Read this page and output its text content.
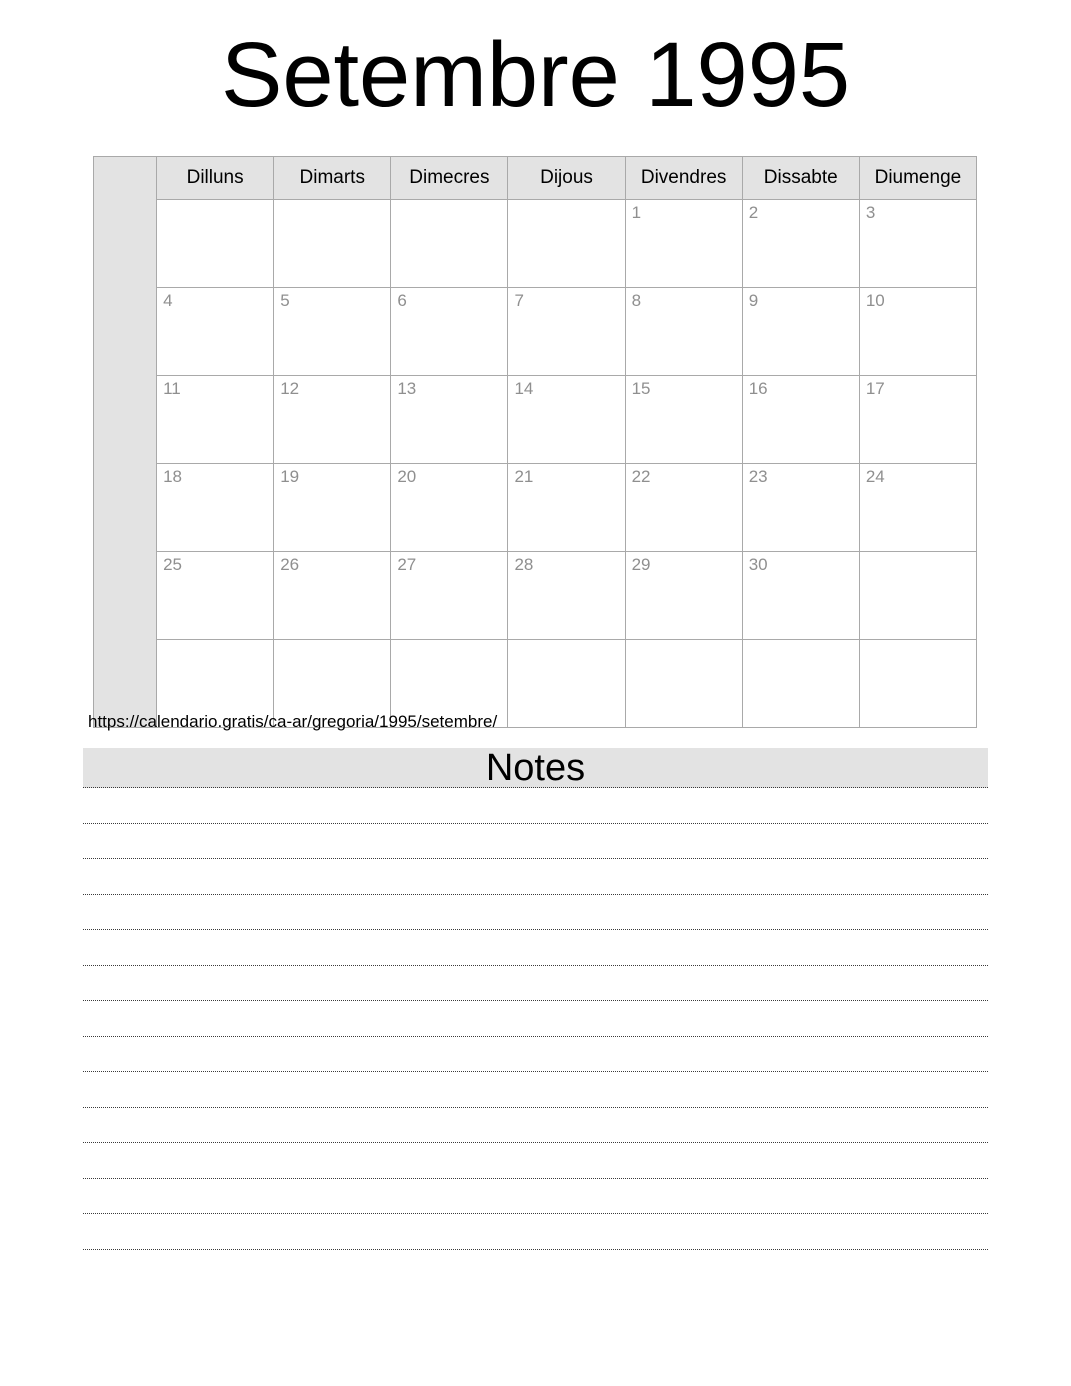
Setembre 1995
	Dilluns	Dimarts	Dimecres	Dijous	Divendres	Dissabte	Diumenge
					1	2	3
	4	5	6	7	8	9	10
	11	12	13	14	15	16	17
	18	19	20	21	22	23	24
	25	26	27	28	29	30	

https://calendario.gratis/ca-ar/gregoria/1995/setembre/
Notes
